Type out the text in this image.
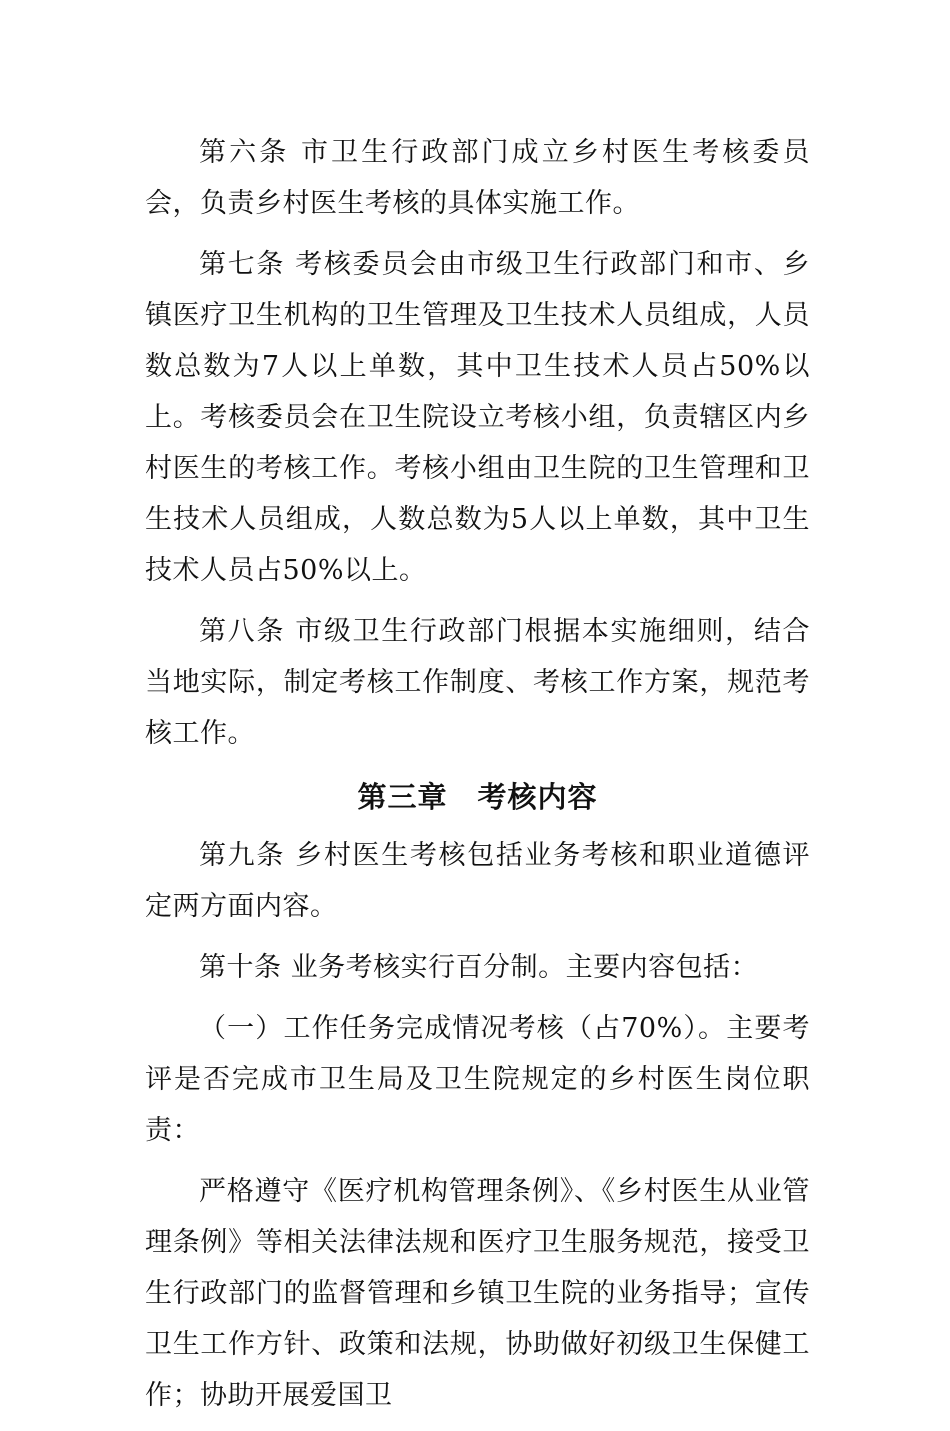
第六条 市卫生行政部门成立乡村医生考核委员会，负责乡村医生考核的具体实施工作。

第七条 考核委员会由市级卫生行政部门和市、乡镇医疗卫生机构的卫生管理及卫生技术人员组成，人员数总数为7人以上单数，其中卫生技术人员占50%以上。考核委员会在卫生院设立考核小组，负责辖区内乡村医生的考核工作。考核小组由卫生院的卫生管理和卫生技术人员组成，人数总数为5人以上单数，其中卫生技术人员占50%以上。

第八条 市级卫生行政部门根据本实施细则，结合当地实际，制定考核工作制度、考核工作方案，规范考核工作。

第三章　考核内容

第九条 乡村医生考核包括业务考核和职业道德评定两方面内容。

第十条 业务考核实行百分制。主要内容包括：

（一）工作任务完成情况考核（占70%）。主要考评是否完成市卫生局及卫生院规定的乡村医生岗位职责：

严格遵守《医疗机构管理条例》、《乡村医生从业管理条例》等相关法律法规和医疗卫生服务规范，接受卫生行政部门的监督管理和乡镇卫生院的业务指导；宣传卫生工作方针、政策和法规，协助做好初级卫生保健工作；协助开展爱国卫
